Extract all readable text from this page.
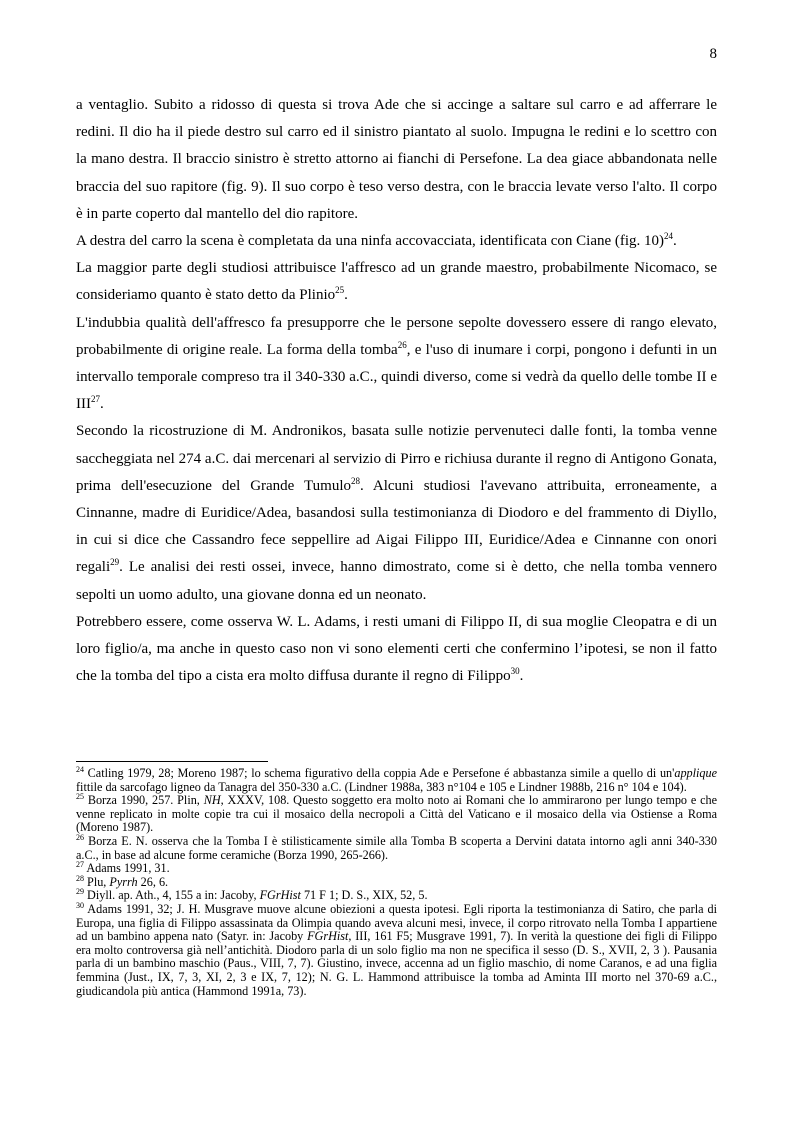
8

a ventaglio. Subito a ridosso di questa si trova Ade che si accinge a saltare sul carro e ad afferrare le redini. Il dio ha il piede destro sul carro ed il sinistro piantato al suolo. Impugna le redini e lo scettro con la mano destra. Il braccio sinistro è stretto attorno ai fianchi di Persefone. La dea giace abbandonata nelle braccia del suo rapitore (fig. 9). Il suo corpo è teso verso destra, con le braccia levate verso l'alto. Il corpo è in parte coperto dal mantello del dio rapitore.

A destra del carro la scena è completata da una ninfa accovacciata, identificata con Ciane (fig. 10)$^{24}$.

La maggior parte degli studiosi attribuisce l'affresco ad un grande maestro, probabilmente Nicomaco, se consideriamo quanto è stato detto da Plinio$^{25}$.

L'indubbia qualità dell'affresco fa presupporre che le persone sepolte dovessero essere di rango elevato, probabilmente di origine reale. La forma della tomba$^{26}$, e l'uso di inumare i corpi, pongono i defunti in un intervallo temporale compreso tra il 340-330 a.C., quindi diverso, come si vedrà da quello delle tombe II e III$^{27}$.

Secondo la ricostruzione di M. Andronikos, basata sulle notizie pervenuteci dalle fonti, la tomba venne saccheggiata nel 274 a.C. dai mercenari al servizio di Pirro e richiusa durante il regno di Antigono Gonata, prima dell'esecuzione del Grande Tumulo$^{28}$. Alcuni studiosi l'avevano attribuita, erroneamente, a Cinnanne, madre di Euridice/Adea, basandosi sulla testimonianza di Diodoro e del frammento di Diyllo, in cui si dice che Cassandro fece seppellire ad Aigai Filippo III, Euridice/Adea e Cinnanne con onori regali$^{29}$. Le analisi dei resti ossei, invece, hanno dimostrato, come si è detto, che nella tomba vennero sepolti un uomo adulto, una giovane donna ed un neonato.

Potrebbero essere, come osserva W. L. Adams, i resti umani di Filippo II, di sua moglie Cleopatra e di un loro figlio/a, ma anche in questo caso non vi sono elementi certi che confermino l’ipotesi, se non il fatto che la tomba del tipo a cista era molto diffusa durante il regno di Filippo$^{30}$.

$^{24}$ Catling 1979, 28; Moreno 1987; lo schema figurativo della coppia Ade e Persefone é abbastanza simile a quello di un'applique fittile da sarcofago ligneo da Tanagra del 350-330 a.C. (Lindner 1988a, 383 n°104 e 105 e Lindner 1988b, 216 n° 104 e 104).

$^{25}$ Borza 1990, 257. Plin, NH, XXXV, 108. Questo soggetto era molto noto ai Romani che lo ammirarono per lungo tempo e che venne replicato in molte copie tra cui il mosaico della necropoli a Città del Vaticano e il mosaico della via Ostiense a Roma (Moreno 1987).

$^{26}$ Borza E. N. osserva che la Tomba I è stilisticamente simile alla Tomba B scoperta a Dervini datata intorno agli anni 340-330 a.C., in base ad alcune forme ceramiche (Borza 1990, 265-266).

$^{27}$ Adams 1991, 31.

$^{28}$ Plu, Pyrrh 26, 6.

$^{29}$ Diyll. ap. Ath., 4, 155 a in: Jacoby, FGrHist 71 F 1; D. S., XIX, 52, 5.

$^{30}$ Adams 1991, 32; J. H. Musgrave muove alcune obiezioni a questa ipotesi. Egli riporta la testimonianza di Satiro, che parla di Europa, una figlia di Filippo assassinata da Olimpia quando aveva alcuni mesi, invece, il corpo ritrovato nella Tomba I appartiene ad un bambino appena nato (Satyr. in: Jacoby FGrHist, III, 161 F5; Musgrave 1991, 7). In verità la questione dei figli di Filippo era molto controversa già nell’antichità. Diodoro parla di un solo figlio ma non ne specifica il sesso (D. S., XVII, 2, 3 ). Pausania parla di un bambino maschio (Paus., VIII, 7, 7). Giustino, invece, accenna ad un figlio maschio, di nome Caranos, e ad una figlia femmina (Just., IX, 7, 3, XI, 2, 3 e IX, 7, 12); N. G. L. Hammond attribuisce la tomba ad Aminta III morto nel 370-69 a.C., giudicandola più antica (Hammond 1991a, 73).
